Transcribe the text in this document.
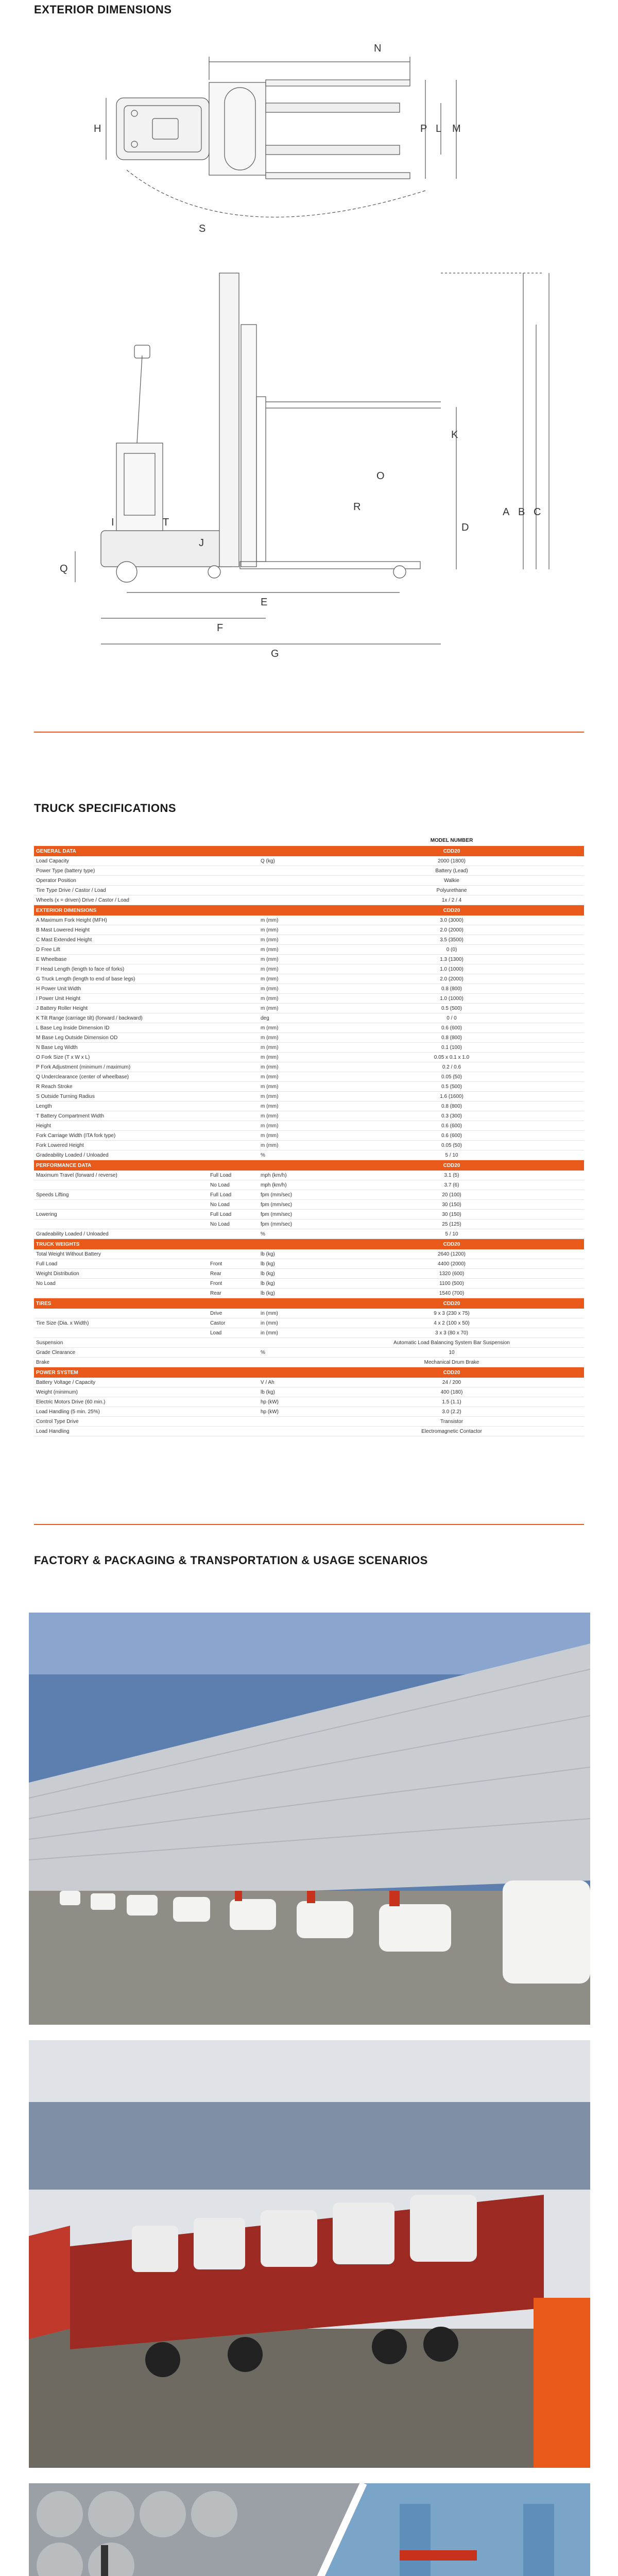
EXTERIOR DIMENSIONS
N
H	P L M
S
K
O
R
D
A B C
I	T
J
Q
E
F
G
TRUCK SPECIFICATIONS
			MODEL NUMBER
GENERAL DATA			CDD20
Load Capacity		Q (kg)	2000 (1800)
Power Type (battery type)			Battery (Lead)
Operator Position			Walkie
Tire Type Drive / Castor / Load			Polyurethane
Wheels (x = driven) Drive / Castor / Load			1x / 2 / 4
EXTERIOR DIMENSIONS			CDD20
A Maximum Fork Height (MFH)		m (mm)	3.0 (3000)
B Mast Lowered Height		m (mm)	2.0 (2000)
C Mast Extended Height		m (mm)	3.5 (3500)
D Free Lift		m (mm)	0 (0)
E Wheelbase		m (mm)	1.3 (1300)
F Head Length (length to face of forks)		m (mm)	1.0 (1000)
G Truck Length (length to end of base legs)		m (mm)	2.0 (2000)
H Power Unit Width		m (mm)	0.8 (800)
I Power Unit Height		m (mm)	1.0 (1000)
J Battery Roller Height		m (mm)	0.5 (500)
K Tilt Range (carriage tilt) (forward / backward)		deg	0 / 0
L Base Leg Inside Dimension ID		m (mm)	0.6 (600)
M Base Leg Outside Dimension OD		m (mm)	0.8 (800)
N Base Leg Width		m (mm)	0.1 (100)
O Fork Size (T x W x L)		m (mm)	0.05 x 0.1 x 1.0
P Fork Adjustment (minimum / maximum)		m (mm)	0.2 / 0.6
Q Underclearance (center of wheelbase)		m (mm)	0.05 (50)
R Reach Stroke		m (mm)	0.5 (500)
S Outside Turning Radius		m (mm)	1.6 (1600)
Length		m (mm)	0.8 (800)
T Battery Compartment Width		m (mm)	0.3 (300)
Height		m (mm)	0.6 (600)
Fork Carriage Width (ITA fork type)		m (mm)	0.6 (600)
Fork Lowered Height		m (mm)	0.05 (50)
Gradeability Loaded / Unloaded		%	5 / 10
PERFORMANCE DATA			CDD20
Maximum Travel (forward / reverse)	Full Load	mph (km/h)	3.1 (5)
	No Load	mph (km/h)	3.7 (6)
Speeds Lifting	Full Load	fpm (mm/sec)	20 (100)
	No Load	fpm (mm/sec)	30 (150)
Lowering	Full Load	fpm (mm/sec)	30 (150)
	No Load	fpm (mm/sec)	25 (125)
Gradeability Loaded / Unloaded		%	5 / 10
TRUCK WEIGHTS			CDD20
Total Weight Without Battery		lb (kg)	2640 (1200)
Full Load	Front	lb (kg)	4400 (2000)
Weight Distribution	Rear	lb (kg)	1320 (600)
No Load	Front	lb (kg)	1100 (500)
	Rear	lb (kg)	1540 (700)
TIRES			CDD20
	Drive	in (mm)	9 x 3 (230 x 75)
Tire Size (Dia. x Width)	Castor	in (mm)	4 x 2 (100 x 50)
	Load	in (mm)	3 x 3 (80 x 70)
Suspension			Automatic Load Balancing System Bar Suspension
Grade Clearance		%	10
Brake			Mechanical Drum Brake
POWER SYSTEM			CDD20
Battery Voltage / Capacity		V / Ah	24 / 200
Weight (minimum)		lb (kg)	400 (180)
Electric Motors Drive (60 min.)		hp (kW)	1.5 (1.1)
Load Handling (5 min. 25%)		hp (kW)	3.0 (2.2)
Control Type Drive			Transistor
Load Handling			Electromagnetic Contactor
FACTORY & PACKAGING & TRANSPORTATION & USAGE SCENARIOS
